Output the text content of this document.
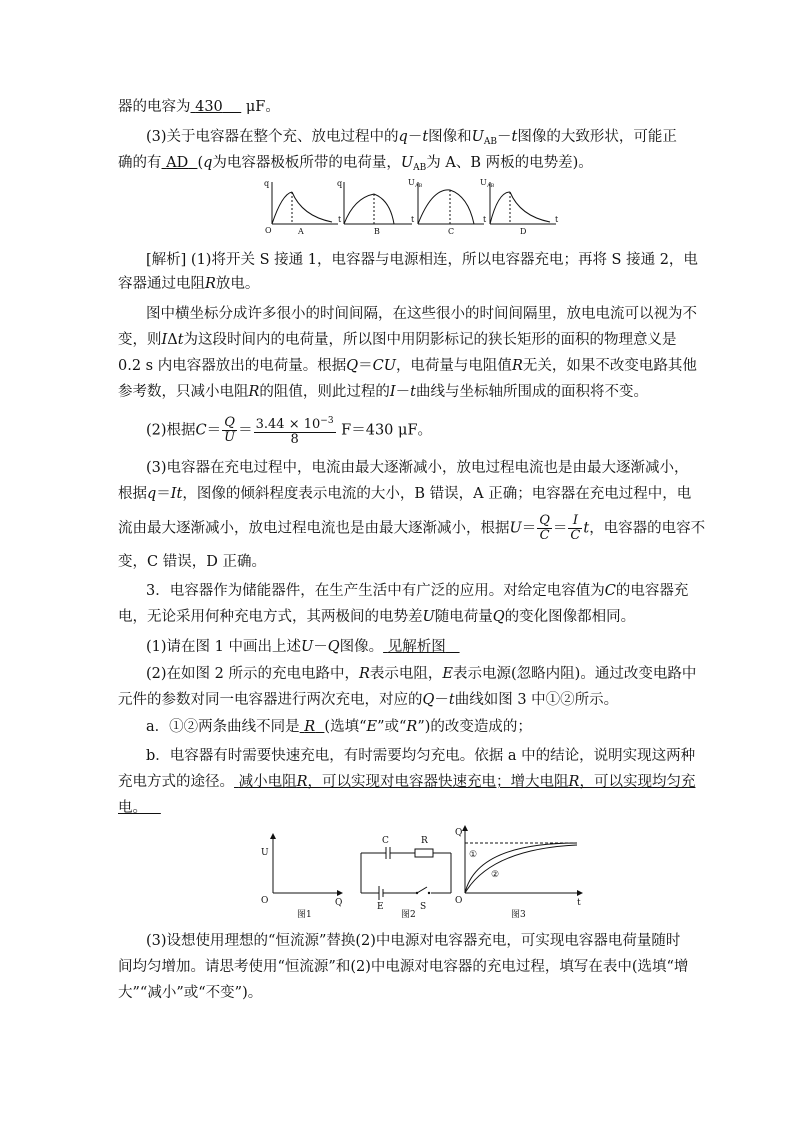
器的电容为 430     μF。
(3)关于电容器在整个充、放电过程中的q－t图像和$U_{AB}-t$图像的大致形状，可能正
确的有 AD (q为电容器极板所带的电荷量，$U_{AB}$为 A、B 两板的电势差)。
q
t
O	A
q
t
B
U AB
t
C
U AB
t
D
[解析] (1)将开关 S 接通 1，电容器与电源相连，所以电容器充电；再将 S 接通 2，电
容器通过电阻R放电。
图中横坐标分成许多很小的时间间隔，在这些很小的时间间隔里，放电电流可以视为不
变，则IΔt为这段时间内的电荷量，所以图中用阴影标记的狭长矩形的面积的物理意义是
0.2 s 内电容器放出的电荷量。根据Q＝CU，电荷量与电阻值R无关，如果不改变电路其他
参考数，只减小电阻R的阻值，则此过程的I－t曲线与坐标轴所围成的面积将不变。
(2)根据$C= \frac{Q}{U} = \frac{3.44 \times 10^{-3}}{8} F=430$ μF。
(3)电容器在充电过程中，电流由最大逐渐减小，放电过程电流也是由最大逐渐减小，
根据q＝It，图像的倾斜程度表示电流的大小，B 错误，A 正确；电容器在充电过程中，电
流由最大逐渐减小，放电过程电流也是由最大逐渐减小，根据$U= \frac{Q}{C} = \frac{I}{C}$ t，电容器的电容不
变，C 错误，D 正确。
3．电容器作为储能器件，在生产生活中有广泛的应用。对给定电容值为C的电容器充
电，无论采用何种充电方式，其两极间的电势差U随电荷量Q的变化图像都相同。
(1)请在图 1 中画出上述U－Q图像。 见解析图
(2)在如图 2 所示的充电电路中，R表示电阻，E表示电源(忽略内阻)。通过改变电路中
元件的参数对同一电容器进行两次充电，对应的Q－t曲线如图 3 中①②所示。
a．①②两条曲线不同是 R (选填“E”或“R”)的改变造成的；
b．电容器有时需要快速充电，有时需要均匀充电。依据 a 中的结论，说明实现这两种
充电方式的途径。 减小电阻R，可以实现对电容器快速充电；增大电阻R，可以实现均匀充
电。
U
Q
O
图1
C	R
E	S
图2
Q
t
O
①
②
图3
(3)设想使用理想的“恒流源”替换(2)中电源对电容器充电，可实现电容器电荷量随时
间均匀增加。请思考使用“恒流源”和(2)中电源对电容器的充电过程，填写在表中(选填“增
大”“减小”或“不变”)。
